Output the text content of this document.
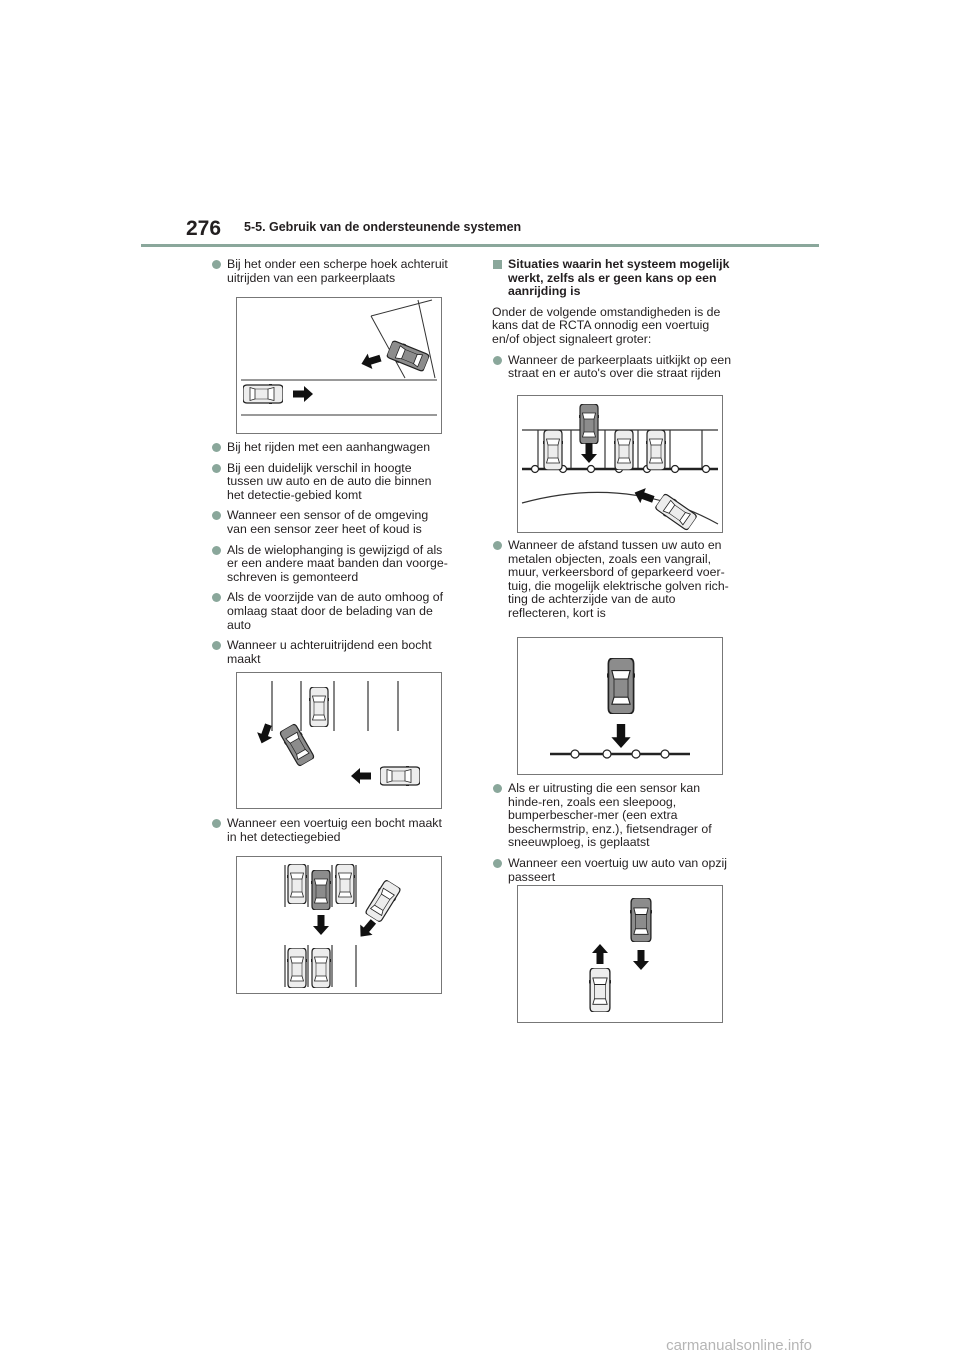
276 5-5. Gebruik van de ondersteunende systemen
Bij het onder een scherpe hoek achteruit uitrijden van een parkeerplaats
Bij het rijden met een aanhangwagen
Bij een duidelijk verschil in hoogte tussen uw auto en de auto die binnen het detectie-gebied komt
Wanneer een sensor of de omgeving van een sensor zeer heet of koud is
Als de wielophanging is gewijzigd of als er een andere maat banden dan voorge-schreven is gemonteerd
Als de voorzijde van de auto omhoog of omlaag staat door de belading van de auto
Wanneer u achteruitrijdend een bocht maakt
Wanneer een voertuig een bocht maakt in het detectiegebied
Situaties waarin het systeem mogelijk werkt, zelfs als er geen kans op een aanrijding is
Onder de volgende omstandigheden is de kans dat de RCTA onnodig een voertuig en/of object signaleert groter:
Wanneer de parkeerplaats uitkijkt op een straat en er auto's over die straat rijden
Wanneer de afstand tussen uw auto en metalen objecten, zoals een vangrail, muur, verkeersbord of geparkeerd voer-tuig, die mogelijk elektrische golven rich-ting de achterzijde van de auto reflecteren, kort is
Als er uitrusting die een sensor kan hinde-ren, zoals een sleepoog, bumperbescher-mer (een extra beschermstrip, enz.), fietsendrager of sneeuwploeg, is geplaatst
Wanneer een voertuig uw auto van opzij passeert
carmanualsonline.info
